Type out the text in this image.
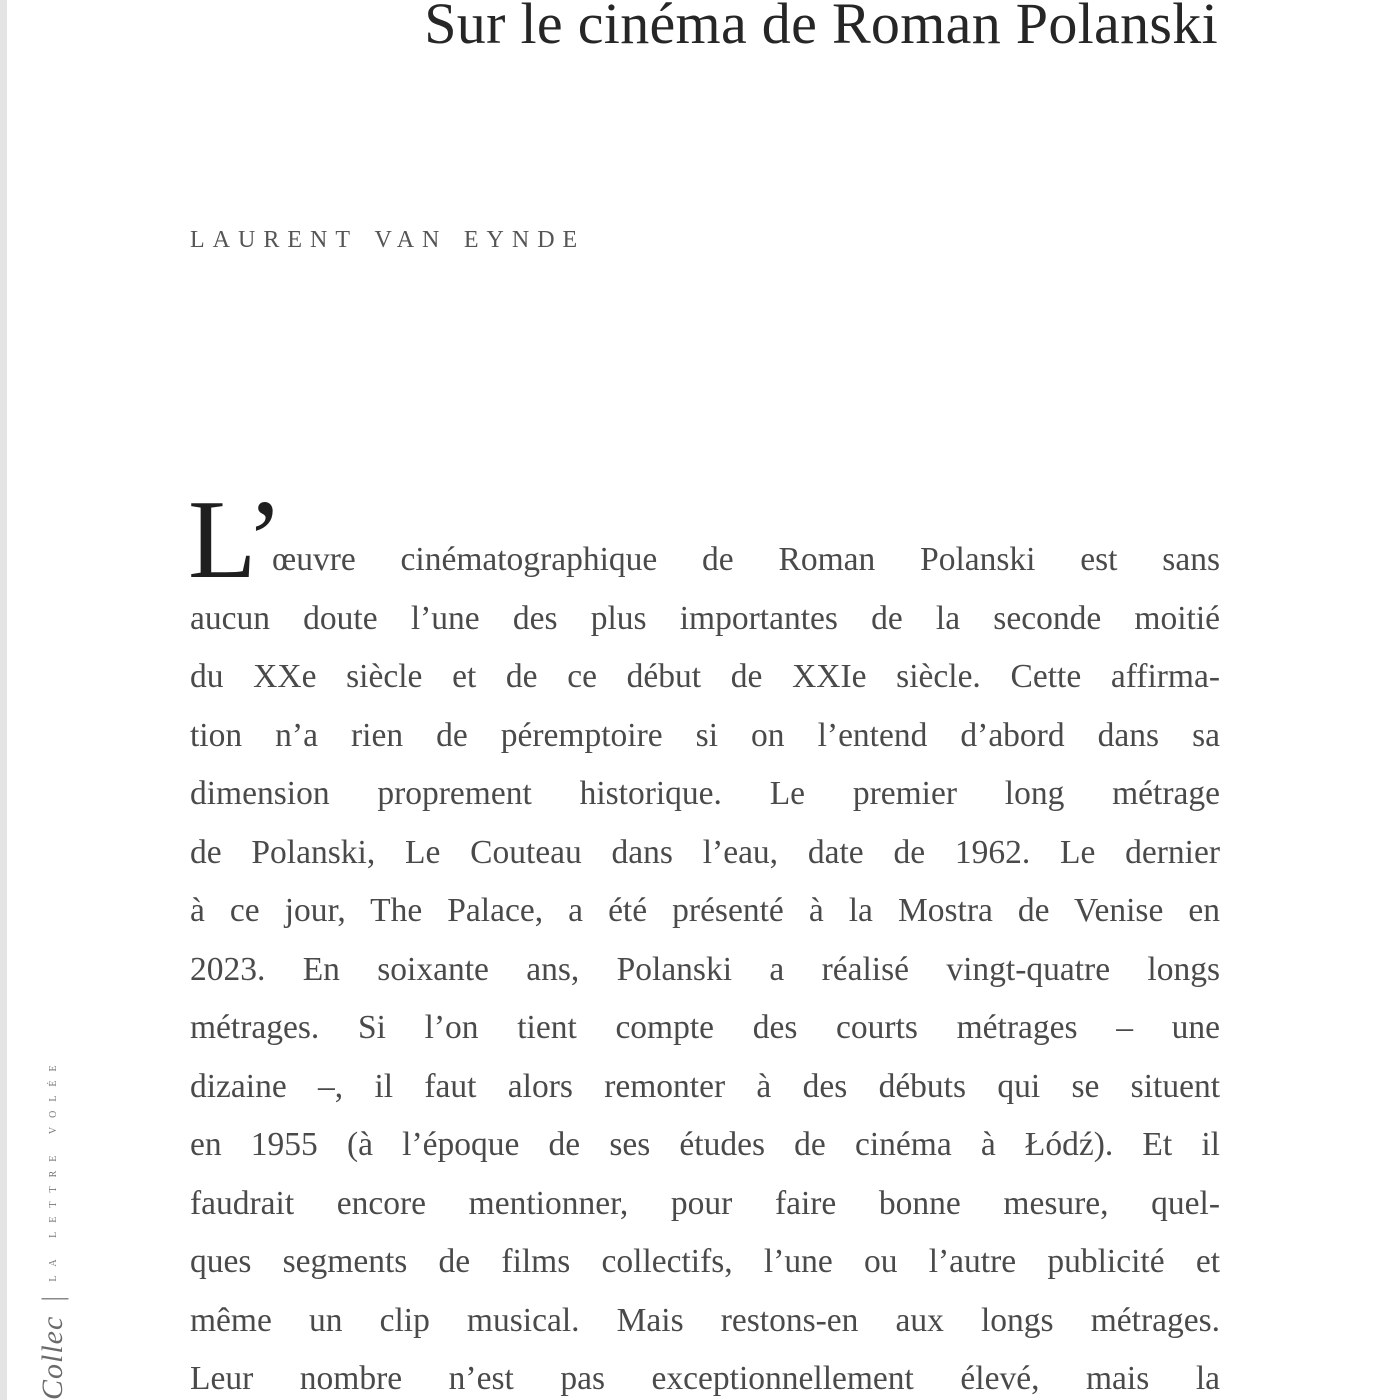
Sur le cinéma de Roman Polanski
laurent van eynde
L’
œuvre cinématographique de Roman Polanski est sans
aucun doute l’une des plus importantes de la seconde moitié
du XXe siècle et de ce début de XXIe siècle. Cette affirma-
tion n’a rien de péremptoire si on l’entend d’abord dans sa
dimension proprement historique. Le premier long métrage
de Polanski, Le Couteau dans l’eau, date de 1962. Le dernier
à ce jour, The Palace, a été présenté à la Mostra de Venise en
2023. En soixante ans, Polanski a réalisé vingt-quatre longs
métrages. Si l’on tient compte des courts métrages – une
dizaine –, il faut alors remonter à des débuts qui se situent
en 1955 (à l’époque de ses études de cinéma à Łódź). Et il
faudrait encore mentionner, pour faire bonne mesure, quel-
ques segments de films collectifs, l’une ou l’autre publicité et
même un clip musical. Mais restons-en aux longs métrages.
Leur nombre n’est pas exceptionnellement élevé, mais la
Collec
|
la lettre volée
